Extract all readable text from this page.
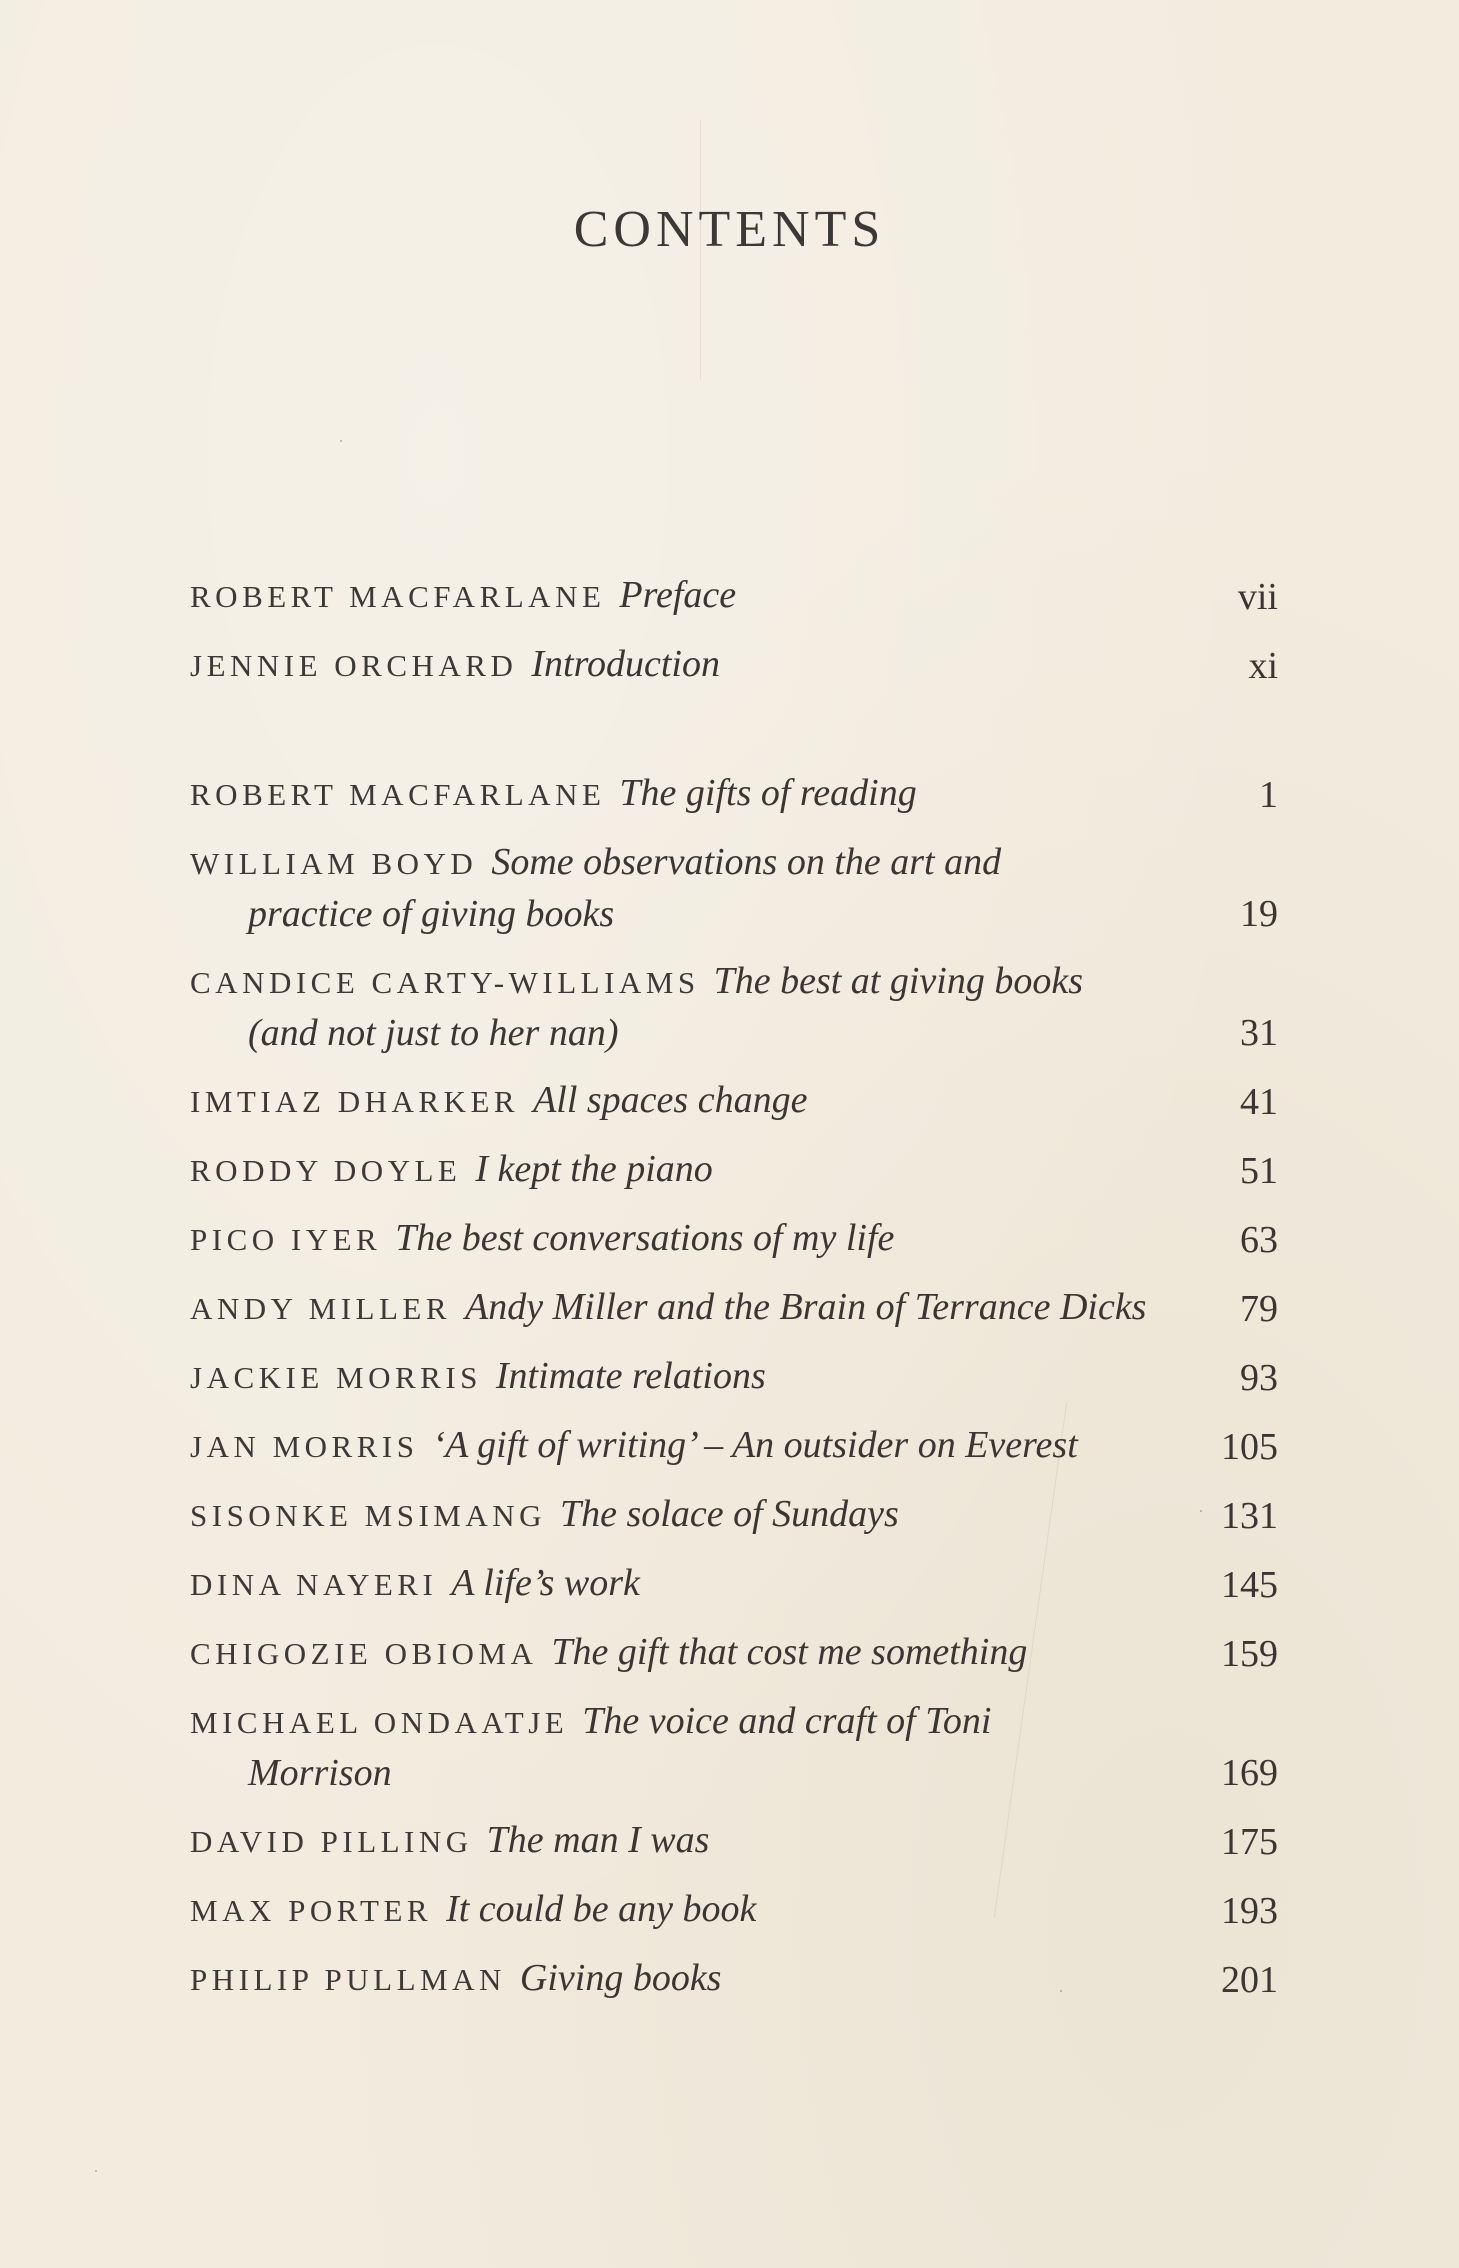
CONTENTS
ROBERT MACFARLANE Preface	vii
JENNIE ORCHARD Introduction	xi
ROBERT MACFARLANE The gifts of reading	1
WILLIAM BOYD Some observations on the art and
practice of giving books	19
CANDICE CARTY-WILLIAMS The best at giving books
(and not just to her nan)	31
IMTIAZ DHARKER All spaces change	41
RODDY DOYLE I kept the piano	51
PICO IYER The best conversations of my life	63
ANDY MILLER Andy Miller and the Brain of Terrance Dicks	79
JACKIE MORRIS Intimate relations	93
JAN MORRIS ‘A gift of writing’ – An outsider on Everest	105
SISONKE MSIMANG The solace of Sundays	131
DINA NAYERI A life’s work	145
CHIGOZIE OBIOMA The gift that cost me something	159
MICHAEL ONDAATJE The voice and craft of Toni
Morrison	169
DAVID PILLING The man I was	175
MAX PORTER It could be any book	193
PHILIP PULLMAN Giving books	201
